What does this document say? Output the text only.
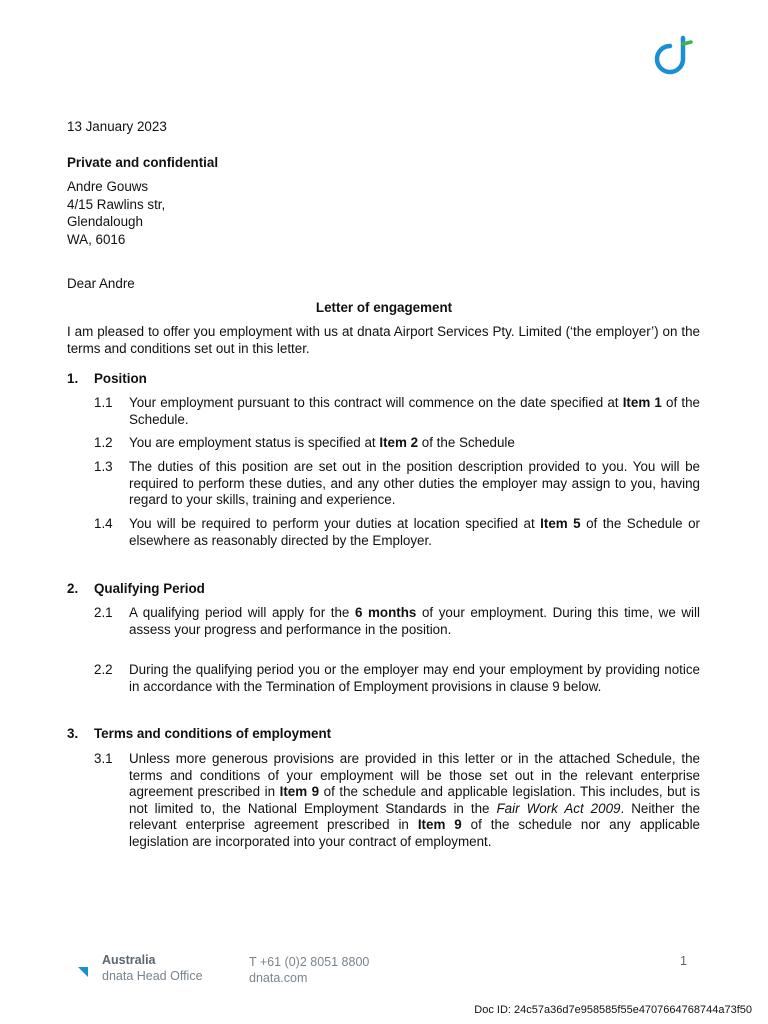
13 January 2023
Private and confidential
Andre Gouws
4/15 Rawlins str,
Glendalough
WA, 6016
Dear Andre
Letter of engagement
I am pleased to offer you employment with us at dnata Airport Services Pty. Limited (‘the employer’) on the terms and conditions set out in this letter.
1. Position
1.1 Your employment pursuant to this contract will commence on the date specified at Item 1 of the Schedule.
1.2 You are employment status is specified at Item 2 of the Schedule
1.3 The duties of this position are set out in the position description provided to you. You will be required to perform these duties, and any other duties the employer may assign to you, having regard to your skills, training and experience.
1.4 You will be required to perform your duties at location specified at Item 5 of the Schedule or elsewhere as reasonably directed by the Employer.
2. Qualifying Period
2.1 A qualifying period will apply for the 6 months of your employment. During this time, we will assess your progress and performance in the position.
2.2 During the qualifying period you or the employer may end your employment by providing notice in accordance with the Termination of Employment provisions in clause 9 below.
3. Terms and conditions of employment
3.1 Unless more generous provisions are provided in this letter or in the attached Schedule, the terms and conditions of your employment will be those set out in the relevant enterprise agreement prescribed in Item 9 of the schedule and applicable legislation. This includes, but is not limited to, the National Employment Standards in the Fair Work Act 2009. Neither the relevant enterprise agreement prescribed in Item 9 of the schedule nor any applicable legislation are incorporated into your contract of employment.
Australia
dnata Head Office
T +61 (0)2 8051 8800
dnata.com
1
Doc ID: 24c57a36d7e958585f55e4707664768744a73f50
